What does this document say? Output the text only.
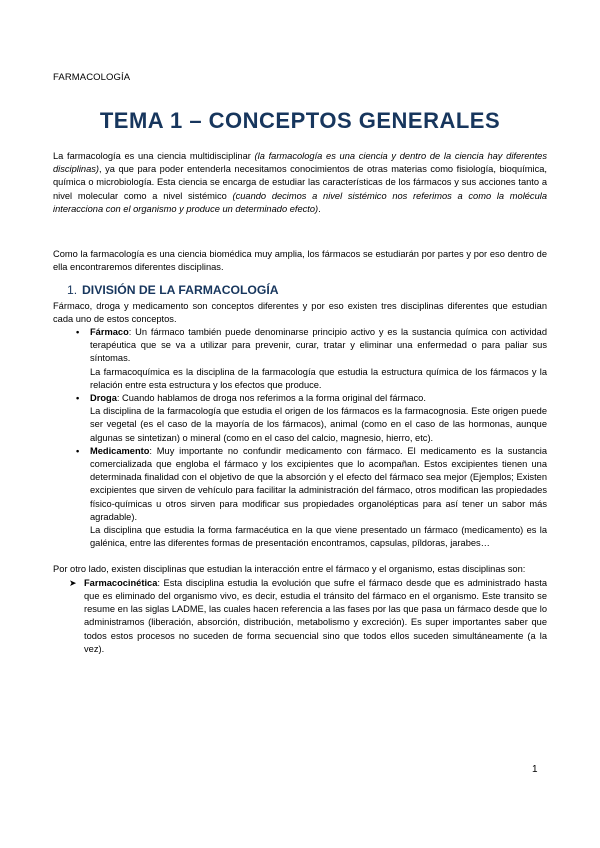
FARMACOLOGÍA
TEMA 1 – CONCEPTOS GENERALES

La farmacología es una ciencia multidisciplinar (la farmacología es una ciencia y dentro de la ciencia hay diferentes disciplinas), ya que para poder entenderla necesitamos conocimientos de otras materias como fisiología, bioquímica, química o microbiología. Esta ciencia se encarga de estudiar las características de los fármacos y sus acciones tanto a nivel molecular como a nivel sistémico (cuando decimos a nivel sistémico nos referimos a como la molécula interacciona con el organismo y produce un determinado efecto).

Como la farmacología es una ciencia biomédica muy amplia, los fármacos se estudiarán por partes y por eso dentro de ella encontraremos diferentes disciplinas.

1. DIVISIÓN DE LA FARMACOLOGÍA

Fármaco, droga y medicamento son conceptos diferentes y por eso existen tres disciplinas diferentes que estudian cada uno de estos conceptos.

• Fármaco: Un fármaco también puede denominarse principio activo y es la sustancia química con actividad terapéutica que se va a utilizar para prevenir, curar, tratar y eliminar una enfermedad o para paliar sus síntomas.

La farmacoquímica es la disciplina de la farmacología que estudia la estructura química de los fármacos y la relación entre esta estructura y los efectos que produce.

• Droga: Cuando hablamos de droga nos referimos a la forma original del fármaco.

La disciplina de la farmacología que estudia el origen de los fármacos es la farmacognosia. Este origen puede ser vegetal (es el caso de la mayoría de los fármacos), animal (como en el caso de las hormonas, aunque algunas se sintetizan) o mineral (como en el caso del calcio, magnesio, hierro, etc).

• Medicamento: Muy importante no confundir medicamento con fármaco. El medicamento es la sustancia comercializada que engloba el fármaco y los excipientes que lo acompañan. Estos excipientes tienen una determinada finalidad con el objetivo de que la absorción y el efecto del fármaco sea mejor (Ejemplos; Existen excipientes que sirven de vehículo para facilitar la administración del fármaco, otros modifican las propiedades físico-químicas u otros sirven para modificar sus propiedades organolépticas para así tener un sabor más agradable).

La disciplina que estudia la forma farmacéutica en la que viene presentado un fármaco (medicamento) es la galénica, entre las diferentes formas de presentación encontramos, capsulas, píldoras, jarabes…

Por otro lado, existen disciplinas que estudian la interacción entre el fármaco y el organismo, estas disciplinas son:

➤ Farmacocinética: Esta disciplina estudia la evolución que sufre el fármaco desde que es administrado hasta que es eliminado del organismo vivo, es decir, estudia el tránsito del fármaco en el organismo. Este transito se resume en las siglas LADME, las cuales hacen referencia a las fases por las que pasa un fármaco desde que lo administramos (liberación, absorción, distribución, metabolismo y excreción). Es super importantes saber que todos estos procesos no suceden de forma secuencial sino que todos ellos suceden simultáneamente (a la vez).

1
